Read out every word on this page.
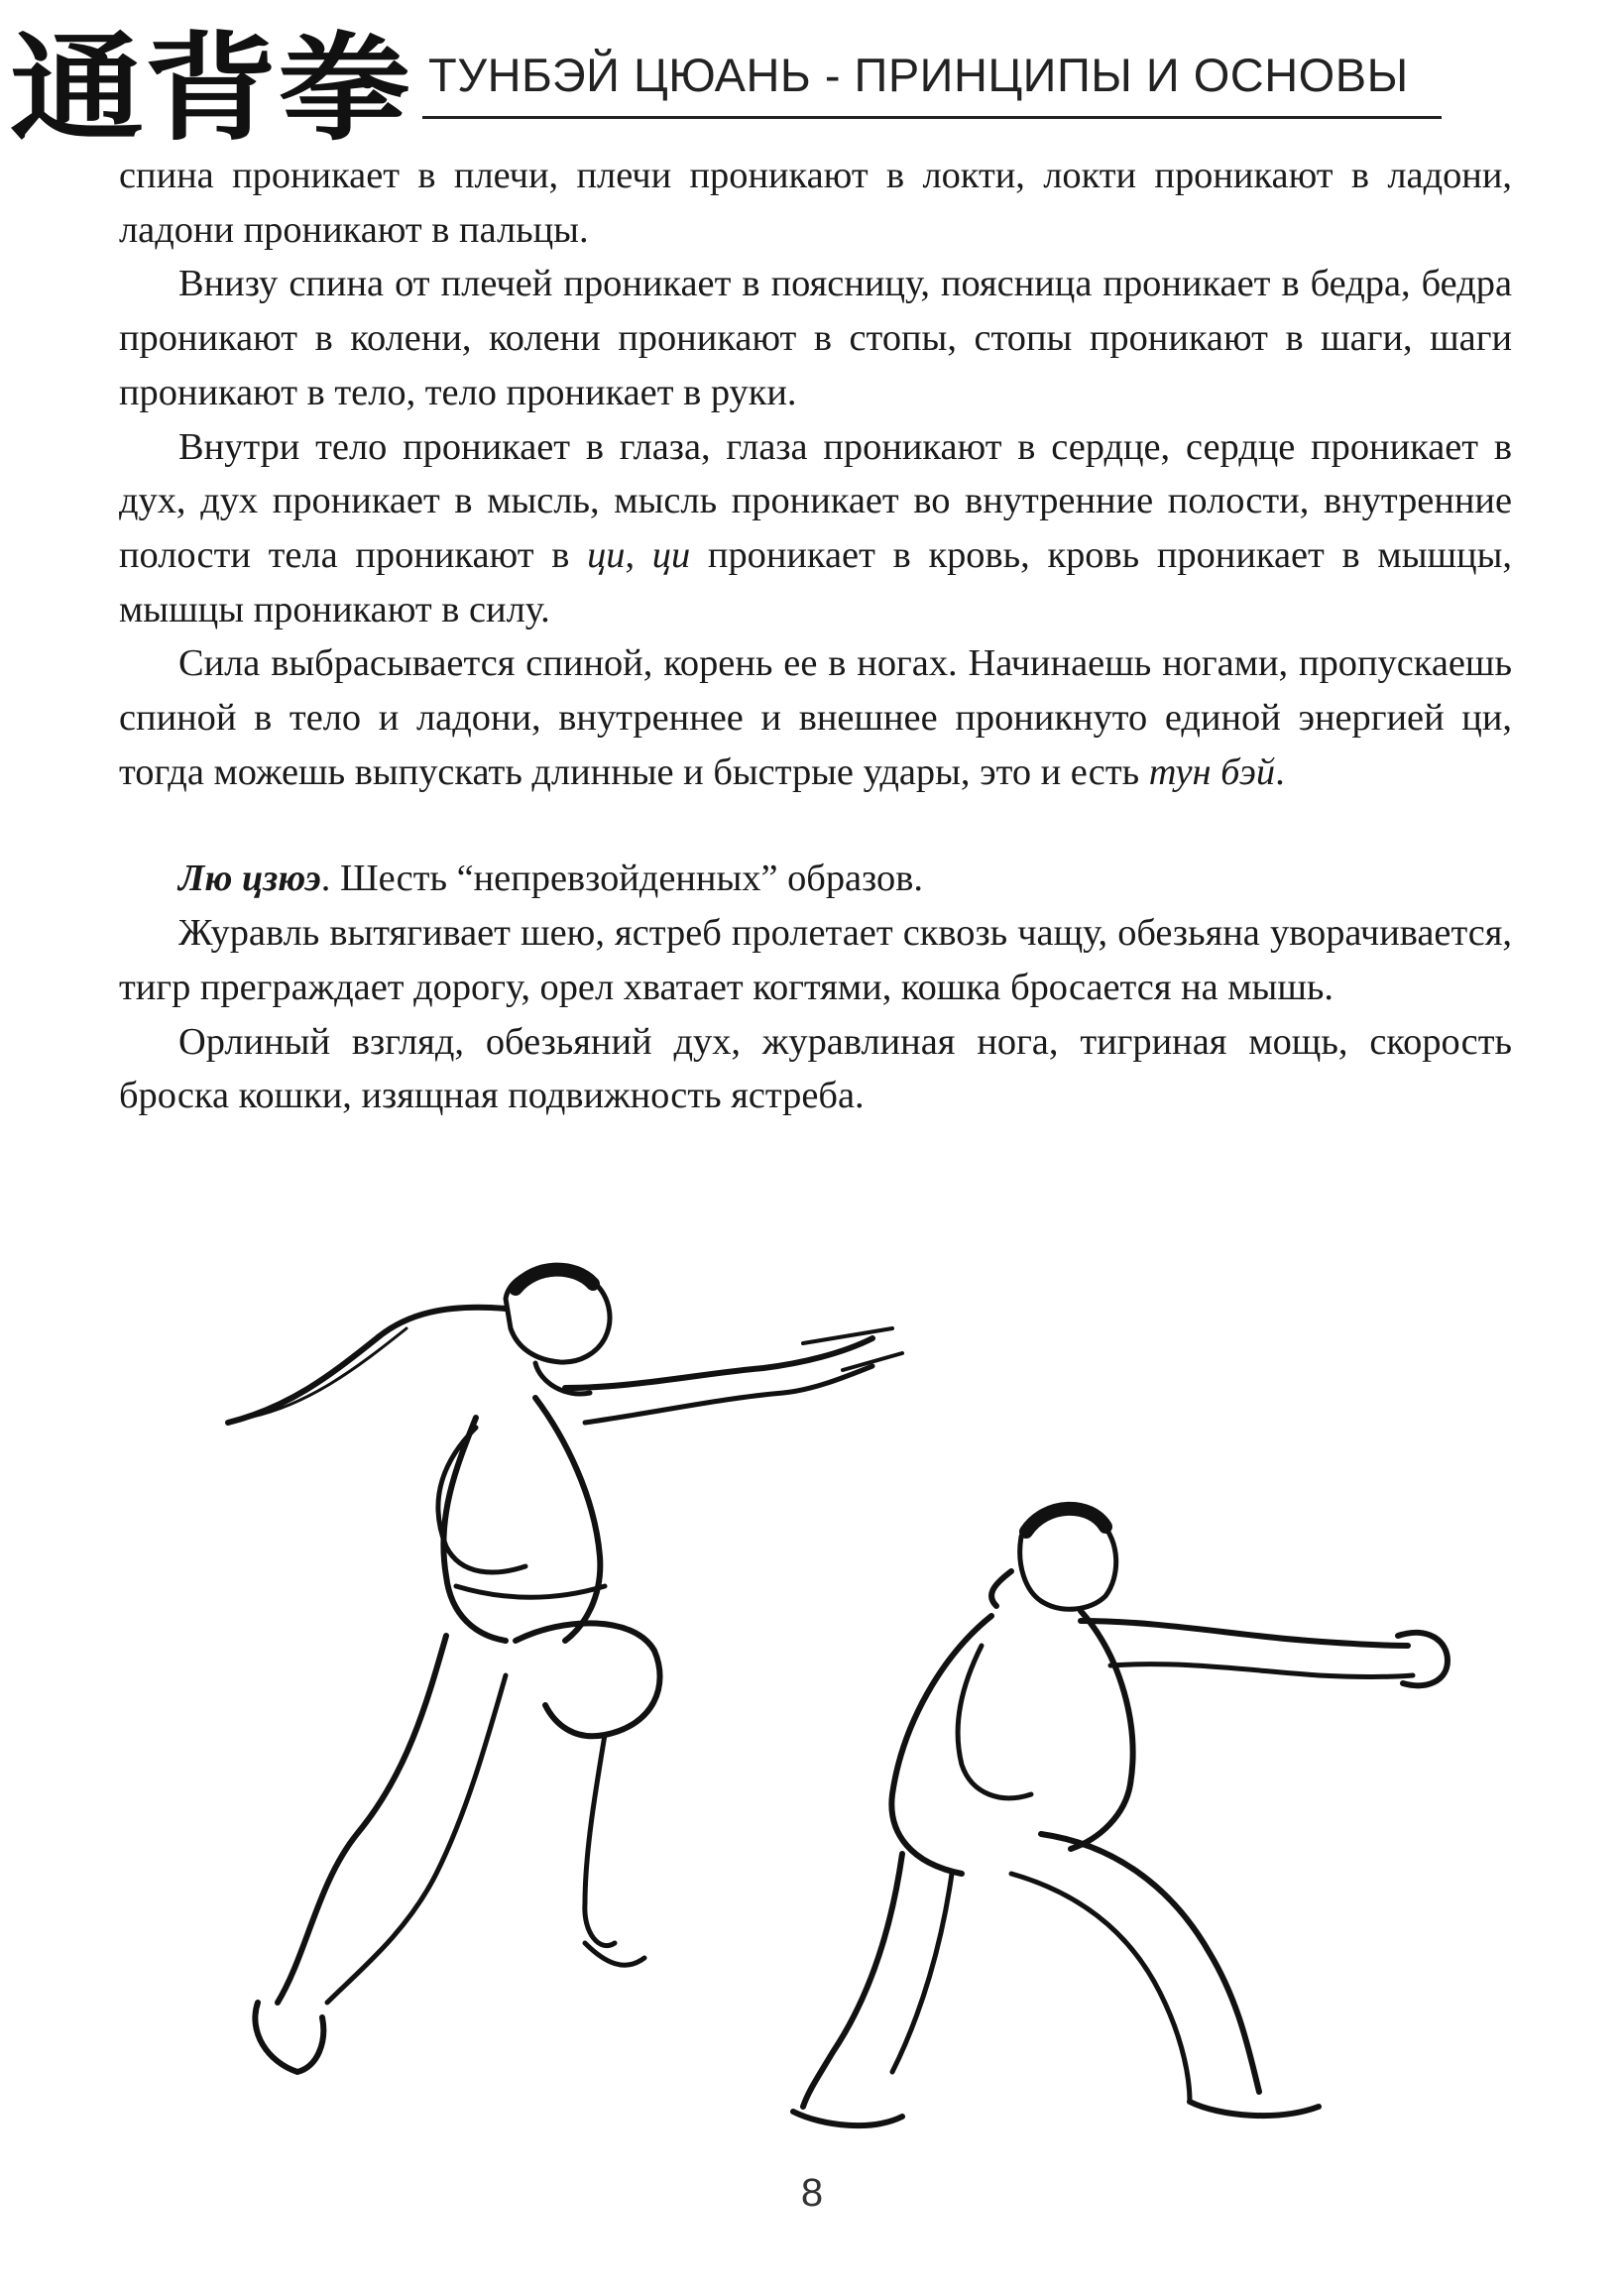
通背拳 ТУНБЭЙ ЦЮАНЬ - ПРИНЦИПЫ И ОСНОВЫ

спина проникает в плечи, плечи проникают в локти, локти проникают в ладони, ладони проникают в пальцы.

Внизу спина от плечей проникает в поясницу, поясница проникает в бедра, бедра проникают в колени, колени проникают в стопы, стопы проникают в шаги, шаги проникают в тело, тело проникает в руки.

Внутри тело проникает в глаза, глаза проникают в сердце, сердце проникает в дух, дух проникает в мысль, мысль проникает во внутренние полости, внутренние полости тела проникают в ци, ци проникает в кровь, кровь проникает в мышцы, мышцы проникают в силу.

Сила выбрасывается спиной, корень ее в ногах. Начинаешь ногами, пропускаешь спиной в тело и ладони, внутреннее и внешнее проникнуто единой энергией ци, тогда можешь выпускать длинные и быстрые удары, это и есть тун бэй.

Лю цзюэ. Шесть “непревзойденных” образов.

Журавль вытягивает шею, ястреб пролетает сквозь чащу, обезьяна уворачивается, тигр преграждает дорогу, орел хватает когтями, кошка бросается на мышь.

Орлиный взгляд, обезьяний дух, журавлиная нога, тигриная мощь, скорость броска кошки, изящная подвижность ястреба.

8
